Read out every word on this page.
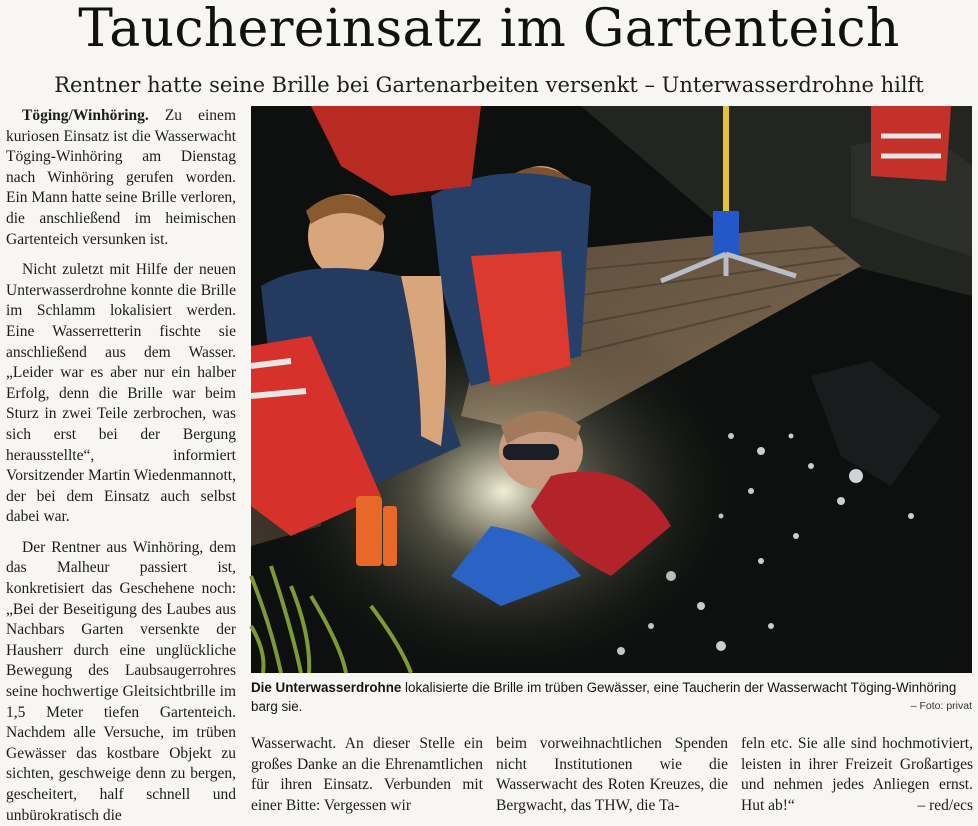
Tauchereinsatz im Gartenteich
Rentner hatte seine Brille bei Gartenarbeiten versenkt – Unterwasserdrohne hilft

Töging/Winhöring. Zu einem kuriosen Einsatz ist die Wasserwacht Töging-Winhöring am Dienstag nach Winhöring gerufen worden. Ein Mann hatte seine Brille verloren, die anschließend im heimischen Gartenteich versunken ist.

Nicht zuletzt mit Hilfe der neuen Unterwasserdrohne konnte die Brille im Schlamm lokalisiert werden. Eine Wasserretterin fischte sie anschließend aus dem Wasser. „Leider war es aber nur ein halber Erfolg, denn die Brille war beim Sturz in zwei Teile zerbrochen, was sich erst bei der Bergung herausstellte“, informiert Vorsitzender Martin Wiedenmannott, der bei dem Einsatz auch selbst dabei war.

Der Rentner aus Winhöring, dem das Malheur passiert ist, konkretisiert das Geschehene noch: „Bei der Beseitigung des Laubes aus Nachbars Garten versenkte der Hausherr durch eine unglückliche Bewegung des Laubsaugerrohres seine hochwertige Gleitsichtbrille im 1,5 Meter tiefen Gartenteich. Nachdem alle Versuche, im trüben Gewässer das kostbare Objekt zu sichten, geschweige denn zu bergen, gescheitert, half schnell und unbürokratisch die

Die Unterwasserdrohne lokalisierte die Brille im trüben Gewässer, eine Taucherin der Wasserwacht Töging-Winhöring barg sie.	– Foto: privat

Wasserwacht. An dieser Stelle ein großes Danke an die Ehrenamtlichen für ihren Einsatz. Verbunden mit einer Bitte: Vergessen wir

beim vorweihnachtlichen Spenden nicht Institutionen wie die Wasserwacht des Roten Kreuzes, die Bergwacht, das THW, die Ta-

feln etc. Sie alle sind hochmotiviert, leisten in ihrer Freizeit Großartiges und nehmen jedes Anliegen ernst. Hut ab!“	– red/ecs
